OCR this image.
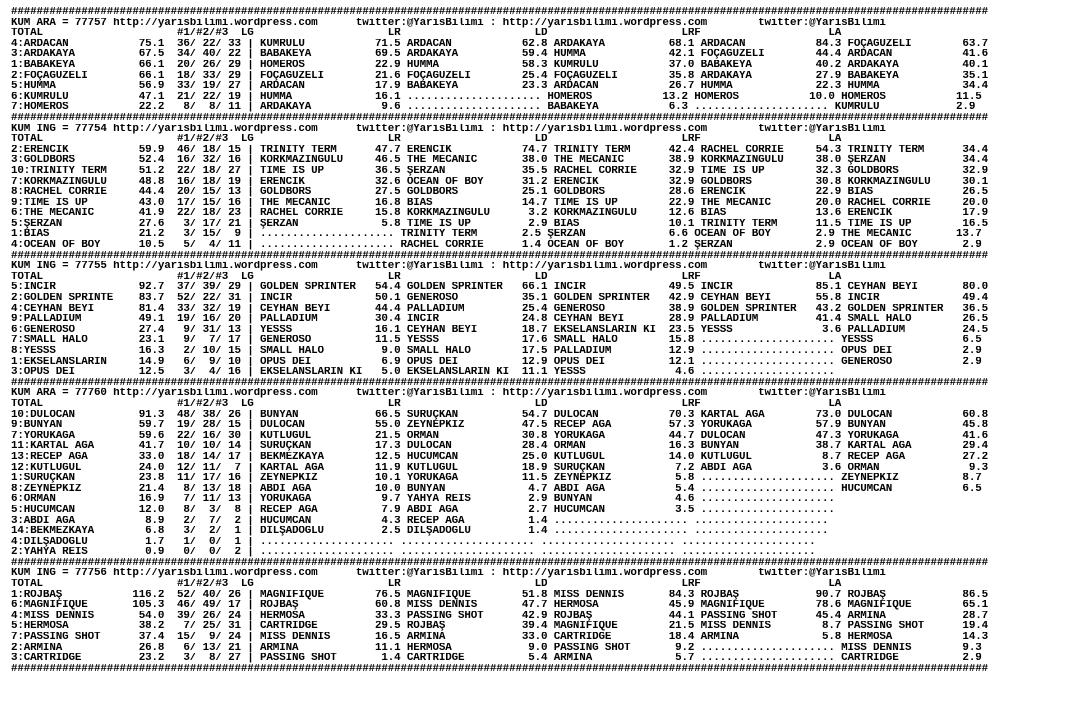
#########################################################################################################################################################
KUM ARA = 77757 http://yarisbilimi.wordpress.com      twitter:@YarisBilimi : http://yarisbilimi.wordpress.com        twitter:@YarisBilimi
TOTAL                     #1/#2/#3  LG                     LR                     LD                     LRF                    LA
4:ARDACAN           75.1  36/ 22/ 33 | KUMRULU           71.5 ARDACAN           62.8 ARDAKAYA          68.1 ARDACAN           84.3 FOÇAGÜZELİ        63.7
3:ARDAKAYA          67.5  34/ 40/ 22 | BABAKEYA          69.5 ARDAKAYA          59.4 HUMMA             42.1 FOÇAGÜZELİ        44.4 ARDACAN           41.6
1:BABAKEYA          66.1  20/ 26/ 29 | HOMEROS           22.9 HUMMA             58.3 KUMRULU           37.0 BABAKEYA          40.2 ARDAKAYA          40.1
2:FOÇAGÜZELİ        66.1  18/ 33/ 29 | FOÇAGÜZELİ        21.6 FOÇAGÜZELİ        25.4 FOÇAGÜZELİ        35.8 ARDAKAYA          27.9 BABAKEYA          35.1
5:HUMMA             56.9  33/ 19/ 27 | ARDACAN           17.9 BABAKEYA          23.3 ARDACAN           26.7 HUMMA             22.3 HUMMA             34.4
6:KUMRULU           47.1  21/ 22/ 19 | HUMMA             16.1 ..................... HOMEROS           13.2 HOMEROS           10.0 HOMEROS           11.5
7:HOMEROS           22.2   8/  8/ 11 | ARDAKAYA           9.6 ..................... BABAKEYA           6.3 ..................... KUMRULU            2.9
#########################################################################################################################################################
KUM İNG = 77754 http://yarisbilimi.wordpress.com      twitter:@YarisBilimi : http://yarisbilimi.wordpress.com        twitter:@YarisBilimi
TOTAL                     #1/#2/#3  LG                     LR                     LD                     LRF                    LA
2:ERENCİK           59.9  46/ 18/ 15 | TRINITY TERM      47.7 ERENCİK           74.7 TRINITY TERM      42.4 RACHEL CORRIE     54.3 TRINITY TERM      34.4
3:GOLDBORS          52.4  16/ 32/ 16 | KORKMAZINGÜLÜ     46.5 THE MECANIC       38.0 THE MECANIC       38.9 KORKMAZINGÜLÜ     38.0 ŞERZAN            34.4
10:TRINITY TERM     51.2  22/ 18/ 27 | TIME IS UP        36.5 ŞERZAN            35.5 RACHEL CORRIE     32.9 TIME IS UP        32.3 GOLDBORS          32.9
7:KORKMAZINGÜLÜ     48.8  16/ 18/ 19 | ERENCİK           32.6 OCEAN OF BOY      31.2 ERENCİK           32.9 GOLDBORS          30.8 KORKMAZINGÜLÜ     30.1
8:RACHEL CORRIE     44.4  20/ 15/ 13 | GOLDBORS          27.5 GOLDBORS          25.1 GOLDBORS          28.6 ERENCİK           22.9 BIAS              26.5
9:TIME IS UP        43.0  17/ 15/ 16 | THE MECANIC       16.8 BIAS              14.7 TIME IS UP        22.9 THE MECANIC       20.0 RACHEL CORRIE     20.0
6:THE MECANIC       41.9  22/ 18/ 23 | RACHEL CORRIE     15.8 KORKMAZINGÜLÜ      3.2 KORKMAZINGÜLÜ     12.6 BIAS              13.6 ERENCİK           17.9
5:ŞERZAN            27.6   3/ 17/ 21 | ŞERZAN             5.8 TIME IS UP         2.9 BIAS              10.1 TRINITY TERM      11.5 TIME IS UP        16.5
1:BIAS              21.2   3/ 15/  9 | ..................... TRINITY TERM       2.5 ŞERZAN             6.6 OCEAN OF BOY       2.9 THE MECANIC       13.7
4:OCEAN OF BOY      10.5   5/  4/ 11 | ..................... RACHEL CORRIE      1.4 OCEAN OF BOY       1.2 ŞERZAN             2.9 OCEAN OF BOY       2.9
#########################################################################################################################################################
KUM İNG = 77755 http://yarisbilimi.wordpress.com      twitter:@YarisBilimi : http://yarisbilimi.wordpress.com        twitter:@YarisBilimi
TOTAL                     #1/#2/#3  LG                     LR                     LD                     LRF                    LA
5:İNCİR             92.7  37/ 39/ 29 | GOLDEN SPRINTER   54.4 GOLDEN SPRINTER   66.1 İNCİR             49.5 İNCİR             85.1 CEYHAN BEYİ       80.0
2:GOLDEN SPRINTE    83.7  52/ 22/ 31 | İNCİR             50.1 GENEROSO          35.1 GOLDEN SPRINTER   42.9 CEYHAN BEYİ       55.8 İNCİR             49.4
4:CEYHAN BEYİ       81.4  33/ 32/ 19 | CEYHAN BEYİ       44.4 PALLADIUM         25.4 GENEROSO          38.9 GOLDEN SPRINTER   43.2 GOLDEN SPRINTER   36.5
9:PALLADIUM         49.1  19/ 16/ 20 | PALLADIUM         30.4 İNCİR             24.8 CEYHAN BEYİ       28.9 PALLADIUM         41.4 SMALL HALO        26.5
6:GENEROSO          27.4   9/ 31/ 13 | YESSS             16.1 CEYHAN BEYİ       18.7 EKSELANSLARIN KI  23.5 YESSS              3.6 PALLADIUM         24.5
7:SMALL HALO        23.1   9/  7/ 17 | GENEROSO          11.5 YESSS             17.6 SMALL HALO        15.8 ..................... YESSS              6.5
8:YESSS             16.3   2/ 10/ 15 | SMALL HALO         9.0 SMALL HALO        17.5 PALLADIUM         12.9 ..................... OPUS DEI           2.9
1:EKSELANSLARIN     14.9   6/  9/ 10 | OPUS DEI           6.9 OPUS DEI          12.9 OPUS DEI          12.1 ..................... GENEROSO           2.9
3:OPUS DEI          12.5   3/  4/ 16 | EKSELANSLARIN KI   5.0 EKSELANSLARIN KI  11.1 YESSS              4.6 .....................
#########################################################################################################################################################
KUM ARA = 77760 http://yarisbilimi.wordpress.com      twitter:@YarisBilimi : http://yarisbilimi.wordpress.com        twitter:@YarisBilimi
TOTAL                     #1/#2/#3  LG                     LR                     LD                     LRF                    LA
10:DULOCAN          91.3  48/ 38/ 26 | BÜNYAN            66.5 SURUÇKAN          54.7 DULOCAN           70.3 KARTAL AĞA        73.0 DULOCAN           60.8
9:BÜNYAN            59.7  19/ 28/ 15 | DULOCAN           55.0 ZEYNEPKIZ         47.5 RECEP AĞA         57.3 YÖRÜKAĞA          57.9 BÜNYAN            45.8
7:YÖRÜKAĞA          59.6  22/ 16/ 30 | KUTLUGÜL          21.5 ORMAN             30.8 YÖRÜKAĞA          44.7 DULOCAN           47.3 YÖRÜKAĞA          41.6
11:KARTAL AĞA       41.7  10/ 10/ 14 | SURUÇKAN          17.3 DULOCAN           28.4 ORMAN             16.3 BÜNYAN            38.7 KARTAL AĞA        29.4
13:RECEP AĞA        33.0  18/ 14/ 17 | BEKMEZKAYA        12.5 HÜCUMCAN          25.0 KUTLUGÜL          14.0 KUTLUGÜL           8.7 RECEP AĞA         27.2
12:KUTLUGÜL         24.0  12/ 11/  7 | KARTAL AĞA        11.9 KUTLUGÜL          18.9 SURUÇKAN           7.2 ABDİ AĞA           3.6 ORMAN              9.3
1:SURUÇKAN          23.8  11/ 17/ 16 | ZEYNEPKIZ         10.1 YÖRÜKAĞA          11.5 ZEYNEPKIZ          5.8 ..................... ZEYNEPKIZ          8.7
8:ZEYNEPKIZ         21.4   8/ 13/ 18 | ABDİ AĞA          10.0 BÜNYAN             4.7 ABDİ AĞA           5.4 ..................... HÜCUMCAN           6.5
6:ORMAN             16.9   7/ 11/ 13 | YÖRÜKAĞA           9.7 YAHYA REİS         2.9 BÜNYAN             4.6 .....................
5:HÜCUMCAN          12.0   8/  3/  8 | RECEP AĞA          7.9 ABDİ AĞA           2.7 HÜCUMCAN           3.5 .....................
3:ABDİ AĞA           8.9   2/  7/  2 | HÜCUMCAN           4.3 RECEP AĞA          1.4 ..................... .....................
14:BEKMEZKAYA        6.8   3/  2/  1 | DİLŞADOĞLU         2.5 DİLŞADOĞLU         1.4 ..................... .....................
4:DİLŞADOĞLU         1.7   1/  0/  1 | ..................... ..................... ..................... .....................
2:YAHYA REİS         0.9   0/  0/  2 | ..................... ..................... ..................... .....................
#########################################################################################################################################################
KUM İNG = 77756 http://yarisbilimi.wordpress.com      twitter:@YarisBilimi : http://yarisbilimi.wordpress.com        twitter:@YarisBilimi
TOTAL                     #1/#2/#3  LG                     LR                     LD                     LRF                    LA
1:ROJBAŞ           116.2  52/ 40/ 26 | MAGNIFIQUE        76.5 MAGNIFIQUE        51.8 MISS DENNIS       84.3 ROJBAŞ            90.7 ROJBAŞ            86.5
6:MAGNIFIQUE       105.3  46/ 49/ 17 | ROJBAŞ            60.8 MISS DENNIS       47.7 HERMOSA           45.9 MAGNIFIQUE        78.6 MAGNIFIQUE        65.1
4:MISS DENNIS       54.0  39/ 26/ 24 | HERMOSA           33.3 PASSING SHOT      42.9 ROJBAŞ            44.1 PASSING SHOT      45.4 ARMINA            28.7
5:HERMOSA           38.2   7/ 25/ 31 | CARTRIDGE         29.5 ROJBAŞ            39.4 MAGNIFIQUE        21.5 MISS DENNIS        8.7 PASSING SHOT      19.4
7:PASSING SHOT      37.4  15/  9/ 24 | MISS DENNIS       16.5 ARMINA            33.0 CARTRIDGE         18.4 ARMINA             5.8 HERMOSA           14.3
2:ARMINA            26.8   6/ 13/ 21 | ARMINA            11.1 HERMOSA            9.0 PASSING SHOT       9.2 ..................... MISS DENNIS        9.3
3:CARTRIDGE         23.2   3/  8/ 27 | PASSING SHOT       1.4 CARTRIDGE          5.4 ARMINA             5.7 ..................... CARTRIDGE          2.9
#########################################################################################################################################################
